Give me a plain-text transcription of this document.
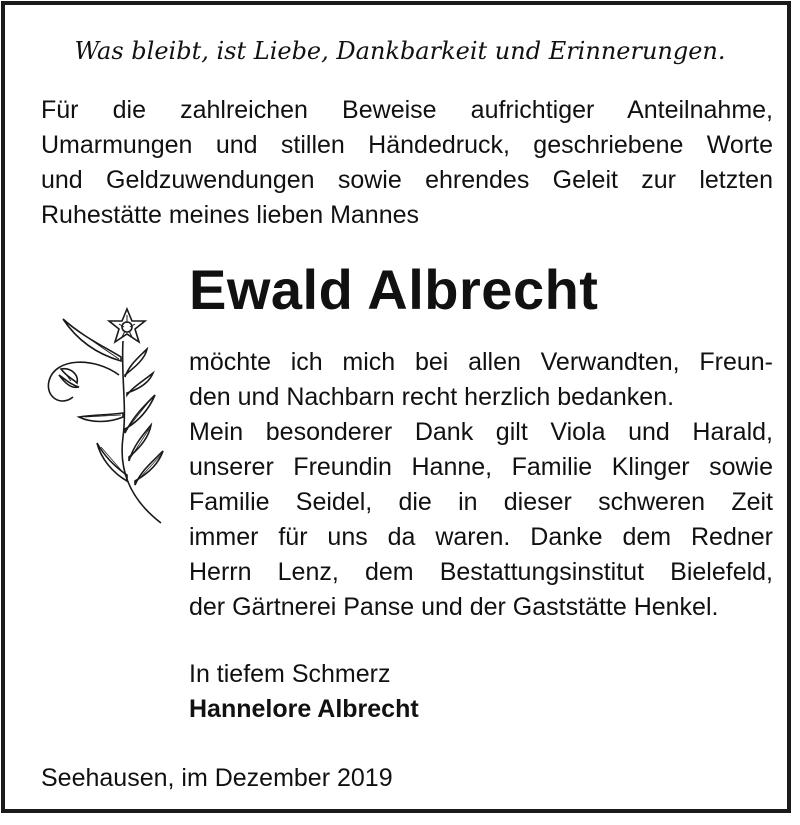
Was bleibt, ist Liebe, Dankbarkeit und Erinnerungen.

Für die zahlreichen Beweise aufrichtiger Anteilnahme,
Umarmungen und stillen Händedruck, geschriebene Worte
und Geldzuwendungen sowie ehrendes Geleit zur letzten
Ruhestätte meines lieben Mannes

Ewald Albrecht

möchte ich mich bei allen Verwandten, Freun-
den und Nachbarn recht herzlich bedanken.
Mein besonderer Dank gilt Viola und Harald,
unserer Freundin Hanne, Familie Klinger sowie
Familie Seidel, die in dieser schweren Zeit
immer für uns da waren. Danke dem Redner
Herrn Lenz, dem Bestattungsinstitut Bielefeld,
der Gärtnerei Panse und der Gaststätte Henkel.

In tiefem Schmerz
Hannelore Albrecht

Seehausen, im Dezember 2019
